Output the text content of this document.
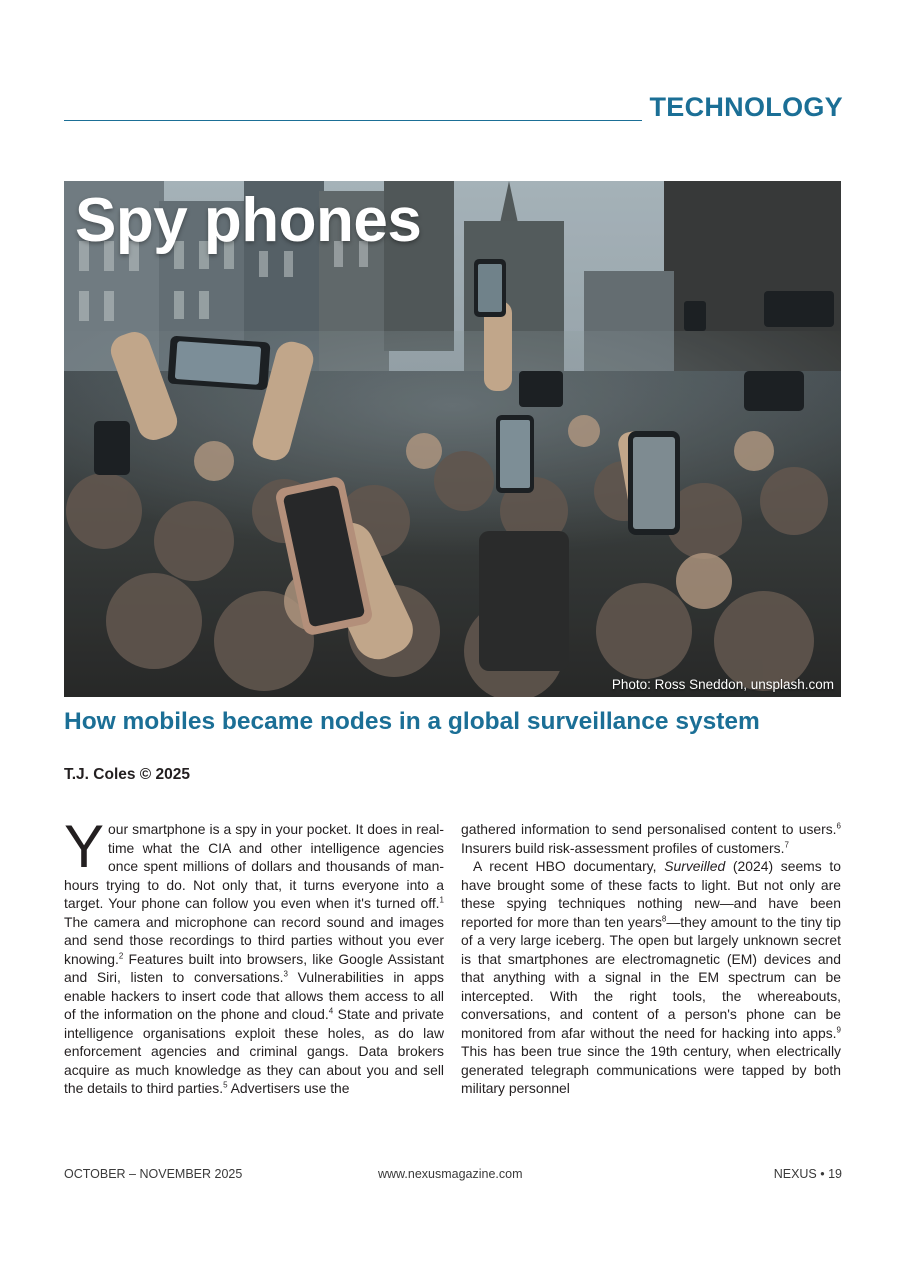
TECHNOLOGY
Spy phones
Photo: Ross Sneddon, unsplash.com
How mobiles became nodes in a global surveillance system
T.J. Coles © 2025

Your smartphone is a spy in your pocket. It does in real-time what the CIA and other intelligence agencies once spent millions of dollars and thousands of man-hours trying to do. Not only that, it turns everyone into a target. Your phone can follow you even when it's turned off.$^1$ The camera and microphone can record sound and images and send those recordings to third parties without you ever knowing.$^2$ Features built into browsers, like Google Assistant and Siri, listen to conversations.$^3$ Vulnerabilities in apps enable hackers to insert code that allows them access to all of the information on the phone and cloud.$^4$ State and private intelligence organisations exploit these holes, as do law enforcement agencies and criminal gangs. Data brokers acquire as much knowledge as they can about you and sell the details to third parties.$^5$ Advertisers use the

gathered information to send personalised content to users.$^6$ Insurers build risk-assessment profiles of customers.$^7$

A recent HBO documentary, Surveilled (2024) seems to have brought some of these facts to light. But not only are these spying techniques nothing new—and have been reported for more than ten years$^8$—they amount to the tiny tip of a very large iceberg. The open but largely unknown secret is that smartphones are electromagnetic (EM) devices and that anything with a signal in the EM spectrum can be intercepted. With the right tools, the whereabouts, conversations, and content of a person's phone can be monitored from afar without the need for hacking into apps.$^9$ This has been true since the 19th century, when electrically generated telegraph communications were tapped by both military personnel

OCTOBER – NOVEMBER 2025	www.nexusmagazine.com	NEXUS • 19
